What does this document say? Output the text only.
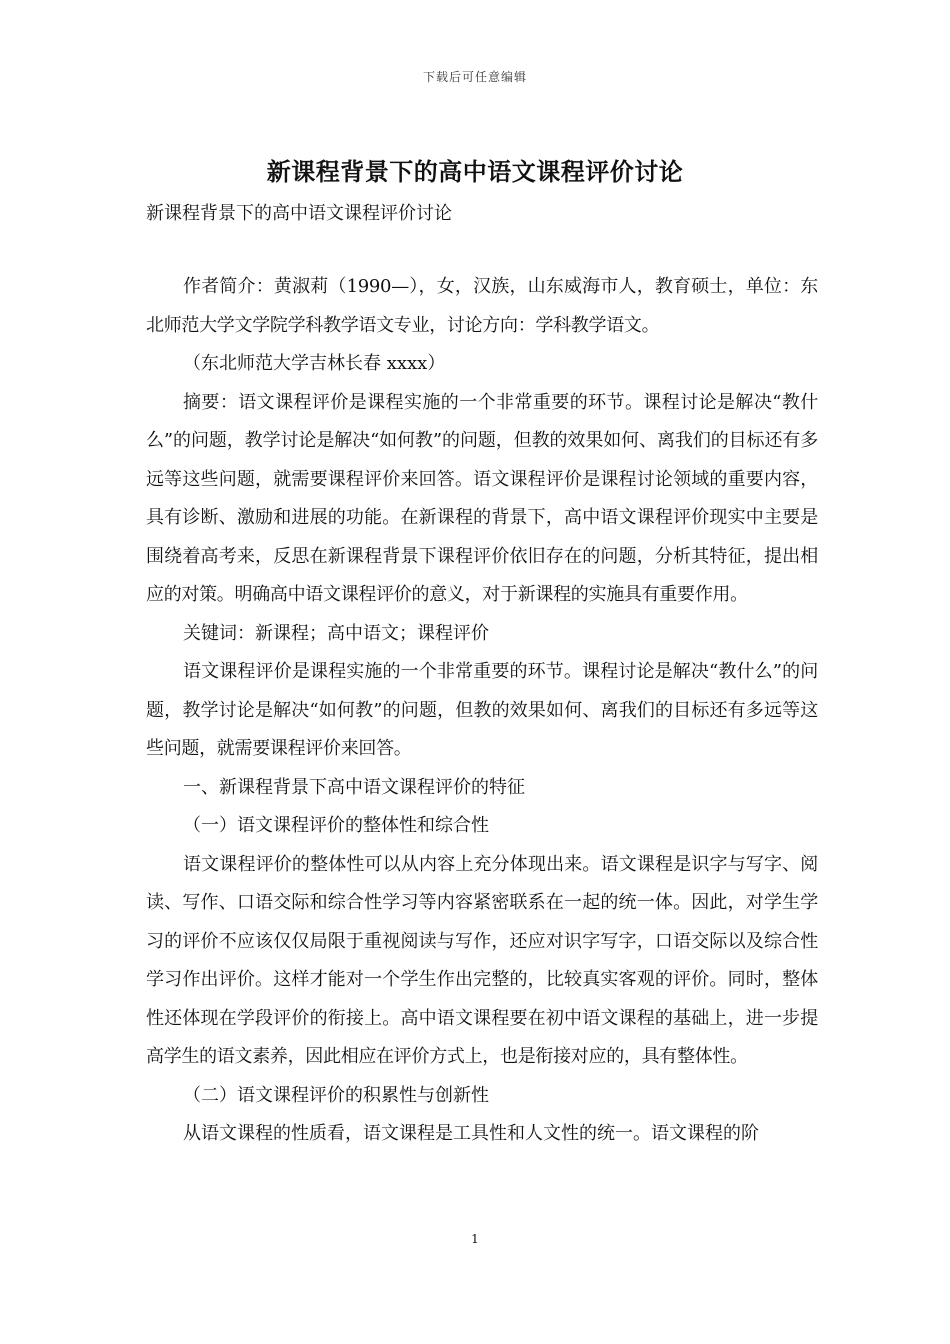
下载后可任意编辑
新课程背景下的高中语文课程评价讨论
新课程背景下的高中语文课程评价讨论

作者简介：黄淑莉（1990—），女，汉族，山东威海市人，教育硕士，单位：东北师范大学文学院学科教学语文专业，讨论方向：学科教学语文。

（东北师范大学吉林长春 xxxx）

摘要：语文课程评价是课程实施的一个非常重要的环节。课程讨论是解决“教什么”的问题，教学讨论是解决“如何教”的问题，但教的效果如何、离我们的目标还有多远等这些问题，就需要课程评价来回答。语文课程评价是课程讨论领域的重要内容，具有诊断、激励和进展的功能。在新课程的背景下，高中语文课程评价现实中主要是围绕着高考来，反思在新课程背景下课程评价依旧存在的问题，分析其特征，提出相应的对策。明确高中语文课程评价的意义，对于新课程的实施具有重要作用。

关键词：新课程；高中语文；课程评价

语文课程评价是课程实施的一个非常重要的环节。课程讨论是解决“教什么”的问题，教学讨论是解决“如何教”的问题，但教的效果如何、离我们的目标还有多远等这些问题，就需要课程评价来回答。

一、新课程背景下高中语文课程评价的特征

（一）语文课程评价的整体性和综合性

语文课程评价的整体性可以从内容上充分体现出来。语文课程是识字与写字、阅读、写作、口语交际和综合性学习等内容紧密联系在一起的统一体。因此，对学生学习的评价不应该仅仅局限于重视阅读与写作，还应对识字写字，口语交际以及综合性学习作出评价。这样才能对一个学生作出完整的，比较真实客观的评价。同时，整体性还体现在学段评价的衔接上。高中语文课程要在初中语文课程的基础上，进一步提高学生的语文素养，因此相应在评价方式上，也是衔接对应的，具有整体性。

（二）语文课程评价的积累性与创新性

从语文课程的性质看，语文课程是工具性和人文性的统一。语文课程的阶

1
